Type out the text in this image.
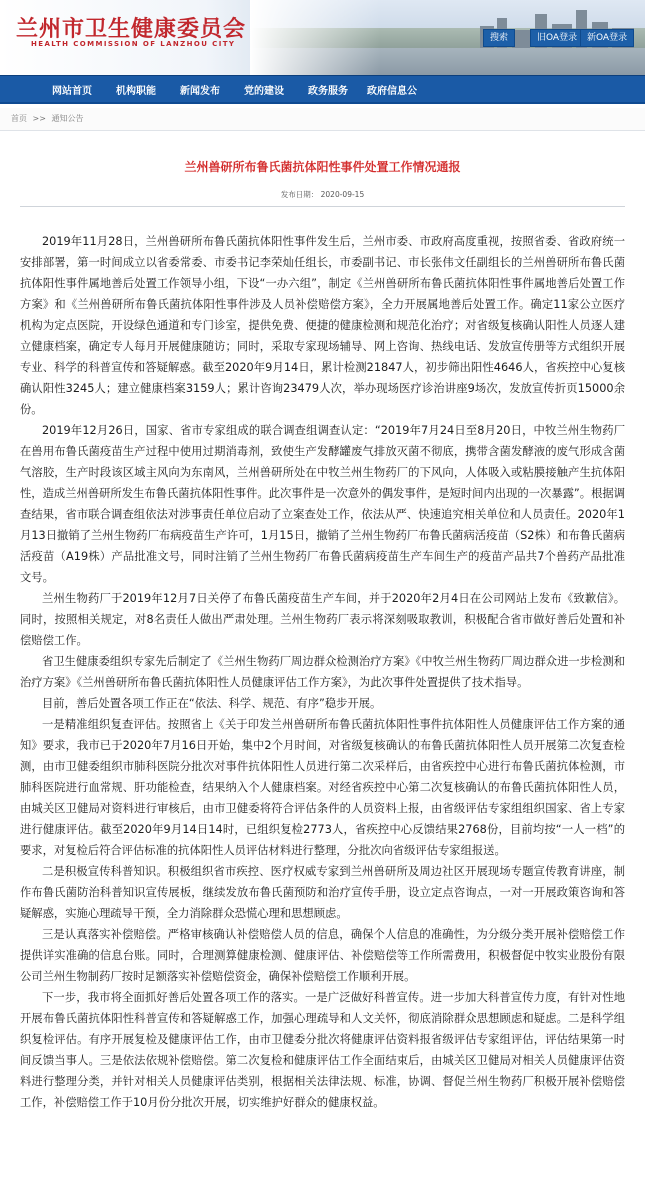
兰州市卫生健康委员会
HEALTH COMMISSION OF LANZHOU CITY
搜索	旧OA登录	新OA登录
网站首页	机构职能	新闻发布	党的建设	政务服务	政府信息公
首页 >> 通知公告
兰州兽研所布鲁氏菌抗体阳性事件处置工作情况通报
发布日期： 2020-09-15

2019年11月28日，兰州兽研所布鲁氏菌抗体阳性事件发生后，兰州市委、市政府高度重视，按照省委、省政府统一安排部署，第一时间成立以省委常委、市委书记李荣灿任组长，市委副书记、市长张伟文任副组长的兰州兽研所布鲁氏菌抗体阳性事件属地善后处置工作领导小组，下设“一办六组”，制定《兰州兽研所布鲁氏菌抗体阳性事件属地善后处置工作方案》和《兰州兽研所布鲁氏菌抗体阳性事件涉及人员补偿赔偿方案》，全力开展属地善后处置工作。确定11家公立医疗机构为定点医院，开设绿色通道和专门诊室，提供免费、便捷的健康检测和规范化治疗；对省级复核确认阳性人员逐人建立健康档案，确定专人每月开展健康随访；同时，采取专家现场辅导、网上咨询、热线电话、发放宣传册等方式组织开展专业、科学的科普宣传和答疑解惑。截至2020年9月14日，累计检测21847人，初步筛出阳性4646人，省疾控中心复核确认阳性3245人；建立健康档案3159人；累计咨询23479人次，举办现场医疗诊治讲座9场次，发放宣传折页15000余份。

2019年12月26日，国家、省市专家组成的联合调查组调查认定：“2019年7月24日至8月20日，中牧兰州生物药厂在兽用布鲁氏菌疫苗生产过程中使用过期消毒剂，致使生产发酵罐废气排放灭菌不彻底，携带含菌发酵液的废气形成含菌气溶胶，生产时段该区域主风向为东南风，兰州兽研所处在中牧兰州生物药厂的下风向，人体吸入或粘膜接触产生抗体阳性，造成兰州兽研所发生布鲁氏菌抗体阳性事件。此次事件是一次意外的偶发事件，是短时间内出现的一次暴露”。根据调查结果，省市联合调查组依法对涉事责任单位启动了立案查处工作，依法从严、快速追究相关单位和人员责任。2020年1月13日撤销了兰州生物药厂布病疫苗生产许可，1月15日，撤销了兰州生物药厂布鲁氏菌病活疫苗（S2株）和布鲁氏菌病活疫苗（A19株）产品批准文号，同时注销了兰州生物药厂布鲁氏菌病疫苗生产车间生产的疫苗产品共7个兽药产品批准文号。

兰州生物药厂于2019年12月7日关停了布鲁氏菌疫苗生产车间，并于2020年2月4日在公司网站上发布《致歉信》。同时，按照相关规定，对8名责任人做出严肃处理。兰州生物药厂表示将深刻吸取教训，积极配合省市做好善后处置和补偿赔偿工作。

省卫生健康委组织专家先后制定了《兰州生物药厂周边群众检测治疗方案》《中牧兰州生物药厂周边群众进一步检测和治疗方案》《兰州兽研所布鲁氏菌抗体阳性人员健康评估工作方案》，为此次事件处置提供了技术指导。

目前，善后处置各项工作正在“依法、科学、规范、有序”稳步开展。

一是精准组织复查评估。按照省上《关于印发兰州兽研所布鲁氏菌抗体阳性事件抗体阳性人员健康评估工作方案的通知》要求，我市已于2020年7月16日开始，集中2个月时间，对省级复核确认的布鲁氏菌抗体阳性人员开展第二次复查检测，由市卫健委组织市肺科医院分批次对事件抗体阳性人员进行第二次采样后，由省疾控中心进行布鲁氏菌抗体检测，市肺科医院进行血常规、肝功能检查，结果纳入个人健康档案。对经省疾控中心第二次复核确认的布鲁氏菌抗体阳性人员，由城关区卫健局对资料进行审核后，由市卫健委将符合评估条件的人员资料上报，由省级评估专家组组织国家、省上专家进行健康评估。截至2020年9月14日14时，已组织复检2773人，省疾控中心反馈结果2768份，目前均按“一人一档”的要求，对复检后符合评估标准的抗体阳性人员评估材料进行整理，分批次向省级评估专家组报送。

二是积极宣传科普知识。积极组织省市疾控、医疗权威专家到兰州兽研所及周边社区开展现场专题宣传教育讲座，制作布鲁氏菌防治科普知识宣传展板，继续发放布鲁氏菌预防和治疗宣传手册，设立定点咨询点，一对一开展政策咨询和答疑解惑，实施心理疏导干预，全力消除群众恐慌心理和思想顾虑。

三是认真落实补偿赔偿。严格审核确认补偿赔偿人员的信息，确保个人信息的准确性，为分级分类开展补偿赔偿工作提供详实准确的信息台账。同时，合理测算健康检测、健康评估、补偿赔偿等工作所需费用，积极督促中牧实业股份有限公司兰州生物制药厂按时足额落实补偿赔偿资金，确保补偿赔偿工作顺利开展。

下一步，我市将全面抓好善后处置各项工作的落实。一是广泛做好科普宣传。进一步加大科普宣传力度，有针对性地开展布鲁氏菌抗体阳性科普宣传和答疑解惑工作，加强心理疏导和人文关怀，彻底消除群众思想顾虑和疑虑。二是科学组织复检评估。有序开展复检及健康评估工作，由市卫健委分批次将健康评估资料报省级评估专家组评估，评估结果第一时间反馈当事人。三是依法依规补偿赔偿。第二次复检和健康评估工作全面结束后，由城关区卫健局对相关人员健康评估资料进行整理分类，并针对相关人员健康评估类别，根据相关法律法规、标准，协调、督促兰州生物药厂积极开展补偿赔偿工作，补偿赔偿工作于10月份分批次开展，切实维护好群众的健康权益。
